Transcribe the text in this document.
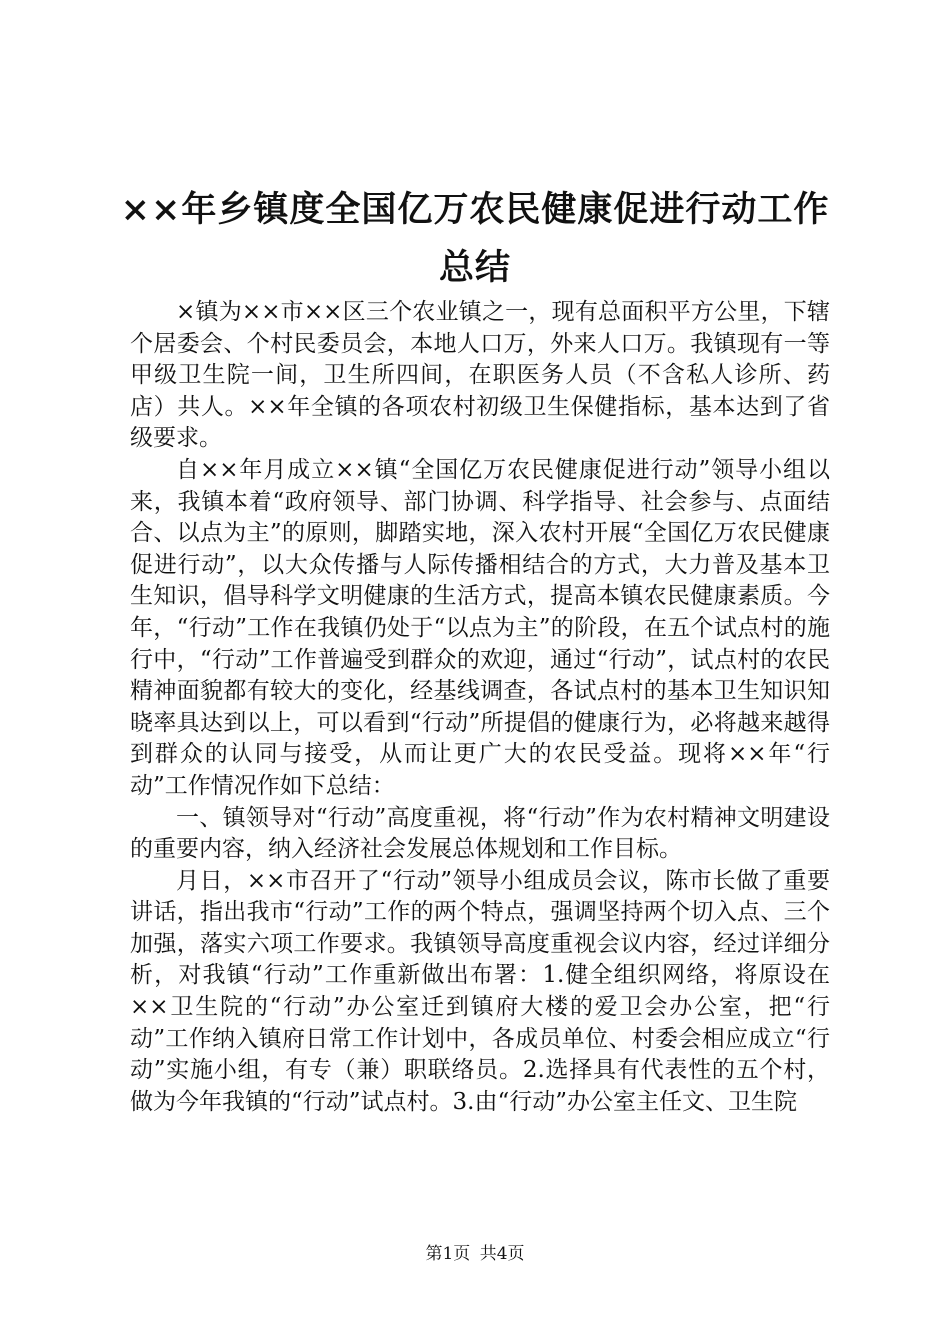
××年乡镇度全国亿万农民健康促进行动工作
总结

×镇为××市××区三个农业镇之一，现有总面积平方公里，下辖个居委会、个村民委员会，本地人口万，外来人口万。我镇现有一等甲级卫生院一间，卫生所四间，在职医务人员（不含私人诊所、药店）共人。××年全镇的各项农村初级卫生保健指标，基本达到了省级要求。

自××年月成立××镇“全国亿万农民健康促进行动”领导小组以来，我镇本着“政府领导、部门协调、科学指导、社会参与、点面结合、以点为主”的原则，脚踏实地，深入农村开展“全国亿万农民健康促进行动”，以大众传播与人际传播相结合的方式，大力普及基本卫生知识，倡导科学文明健康的生活方式，提高本镇农民健康素质。今年，“行动”工作在我镇仍处于“以点为主”的阶段，在五个试点村的施行中，“行动”工作普遍受到群众的欢迎，通过“行动”，试点村的农民精神面貌都有较大的变化，经基线调查，各试点村的基本卫生知识知晓率具达到以上，可以看到“行动”所提倡的健康行为，必将越来越得到群众的认同与接受，从而让更广大的农民受益。现将××年“行动”工作情况作如下总结：

一、镇领导对“行动”高度重视，将“行动”作为农村精神文明建设的重要内容，纳入经济社会发展总体规划和工作目标。

月日，××市召开了“行动”领导小组成员会议，陈市长做了重要讲话，指出我市“行动”工作的两个特点，强调坚持两个切入点、三个加强，落实六项工作要求。我镇领导高度重视会议内容，经过详细分析，对我镇“行动”工作重新做出布署：1.健全组织网络，将原设在××卫生院的“行动”办公室迁到镇府大楼的爱卫会办公室，把“行动”工作纳入镇府日常工作计划中，各成员单位、村委会相应成立“行动”实施小组，有专（兼）职联络员。2.选择具有代表性的五个村，做为今年我镇的“行动”试点村。3.由“行动”办公室主任文、卫生院

第1页 共4页
